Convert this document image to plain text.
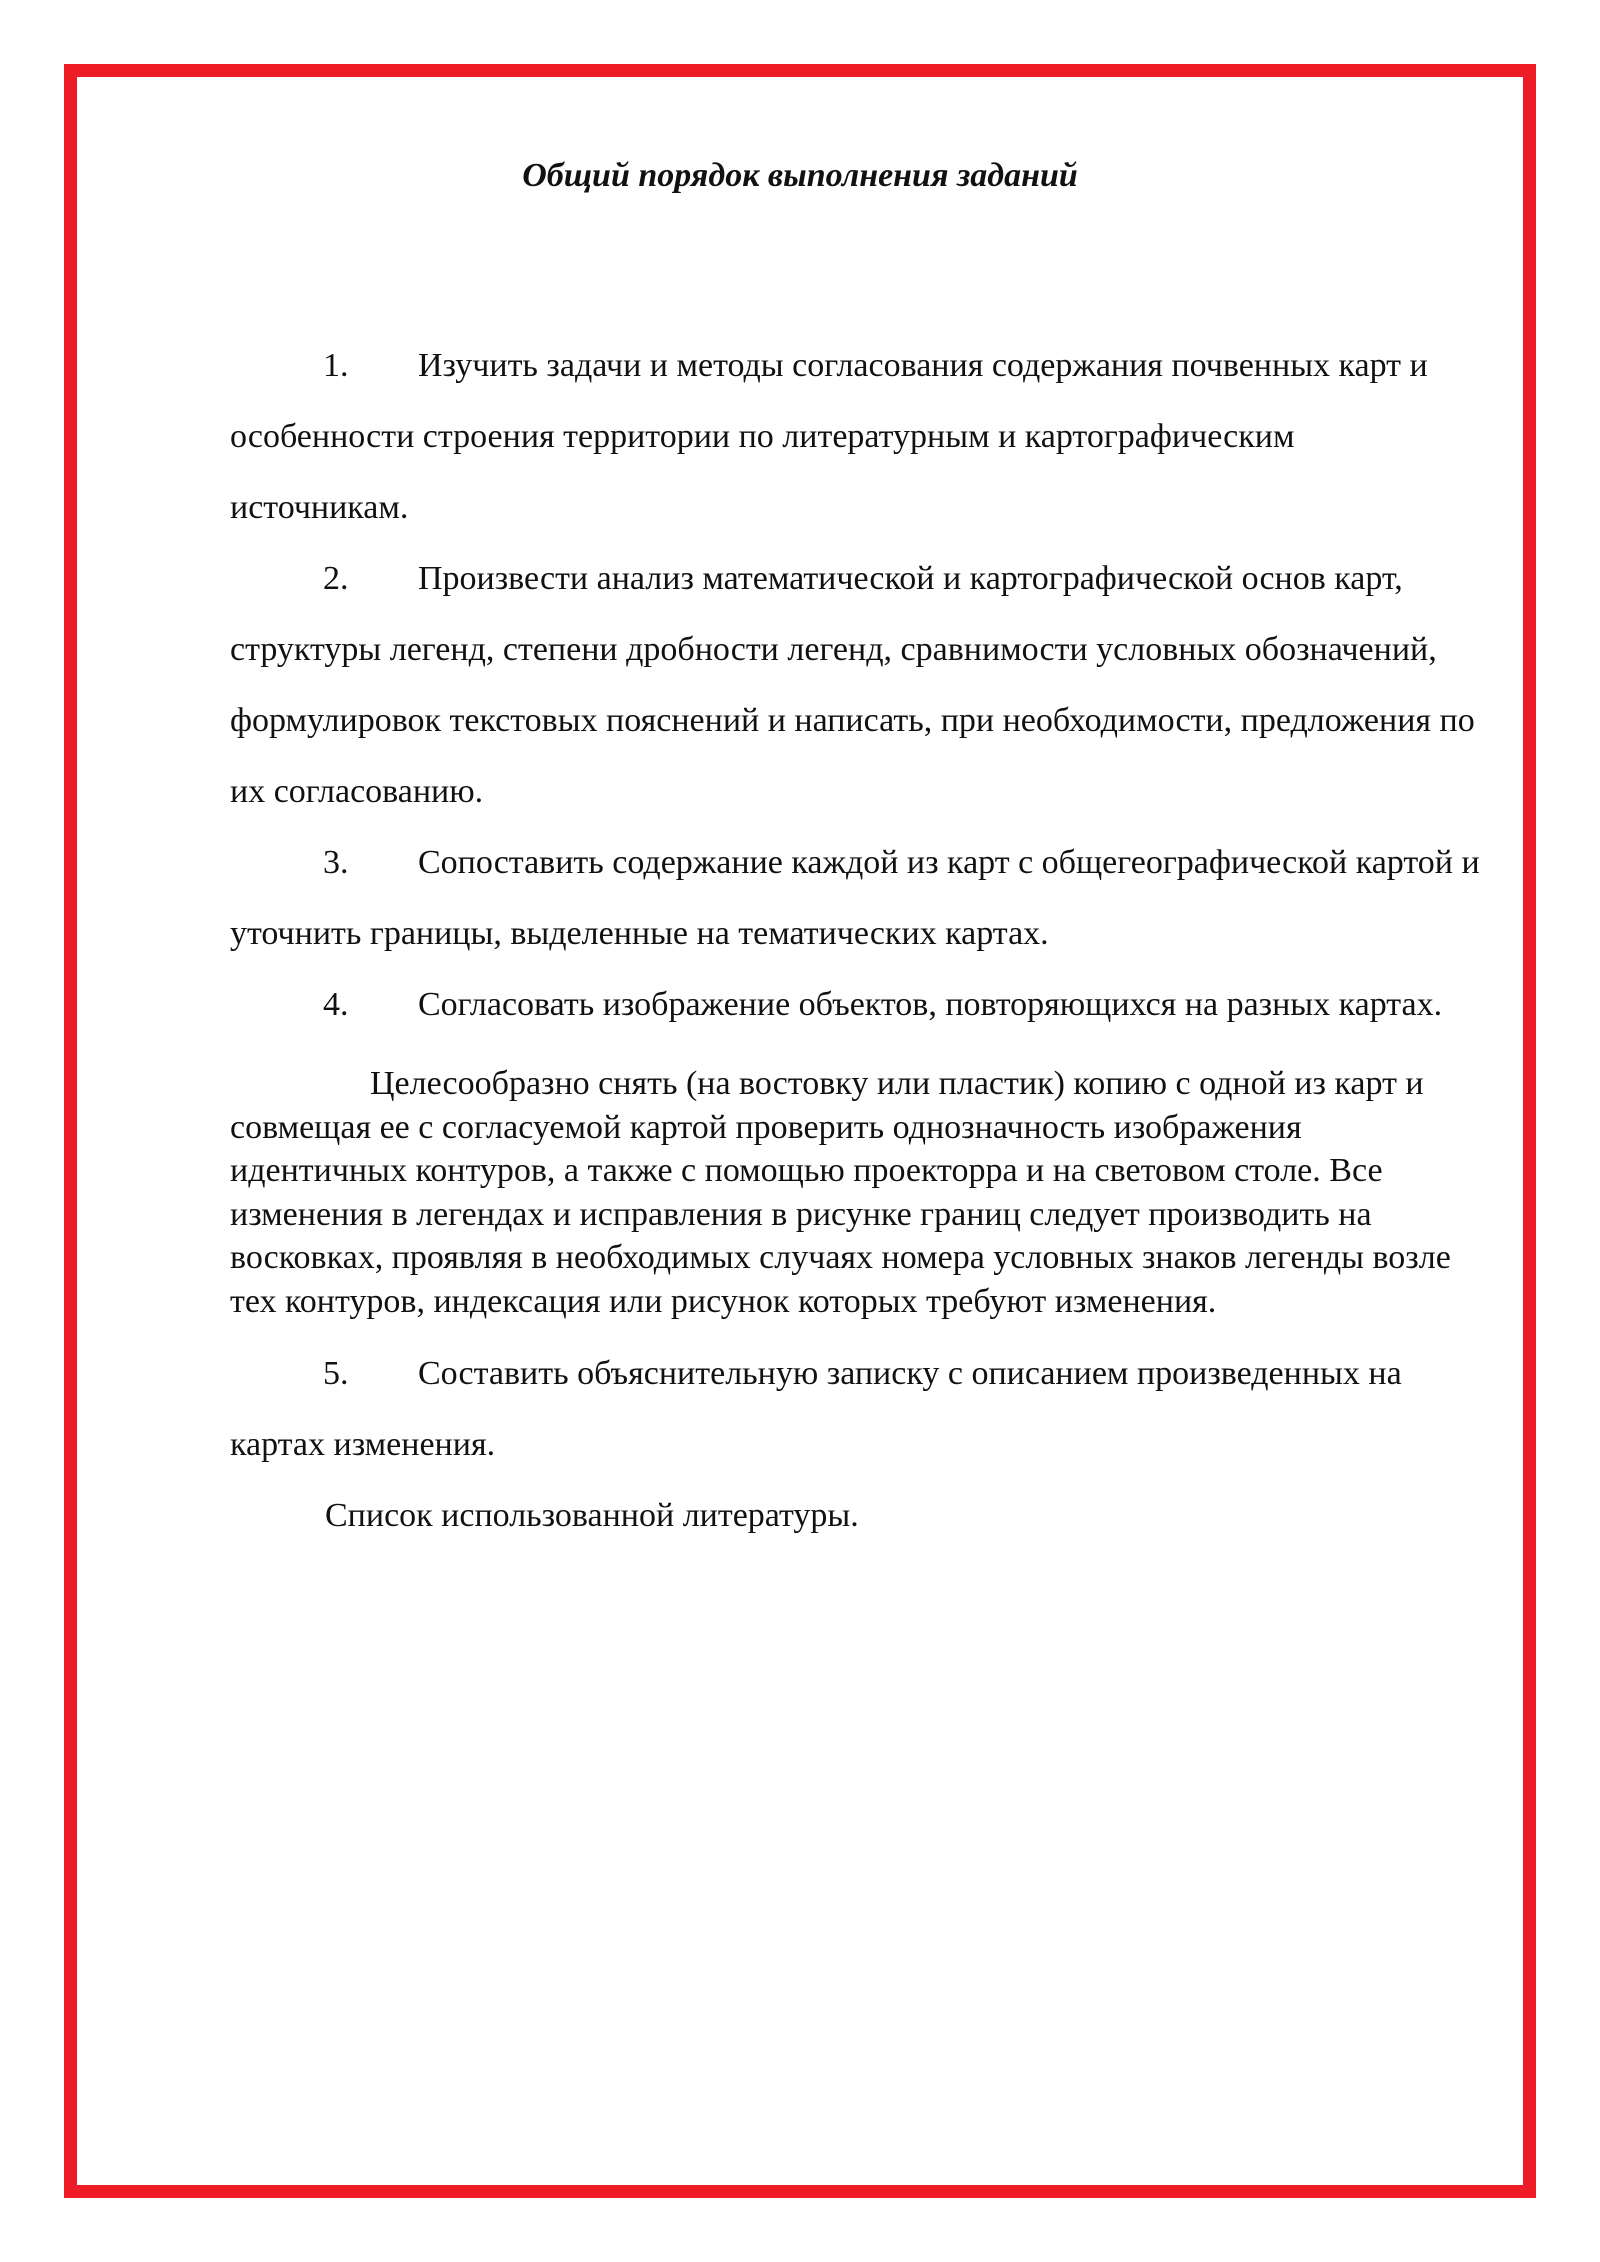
Общий порядок выполнения заданий

1. Изучить задачи и методы согласования содержания почвенных карт и особенности строения территории по литературным и картографическим источникам.

2. Произвести анализ математической и картографической основ карт, структуры легенд, степени дробности легенд, сравнимости условных обозначений, формулировок текстовых пояснений и написать, при необходимости, предложения по их согласованию.

3. Сопоставить содержание каждой из карт с общегеографической картой и уточнить границы, выделенные на тематических картах.

4. Согласовать изображение объектов, повторяющихся на разных картах.

Целесообразно снять (на востовку или пластик) копию с одной из карт и совмещая ее с согласуемой картой проверить однозначность изображения идентичных контуров, а также с помощью проекторра и на световом столе. Все изменения в легендах и исправления в рисунке границ следует производить на восковках, проявляя в необходимых случаях номера условных знаков легенды возле тех контуров, индексация или рисунок которых требуют изменения.

5. Составить объяснительную записку с описанием произведенных на картах изменения.

Список использованной литературы.
